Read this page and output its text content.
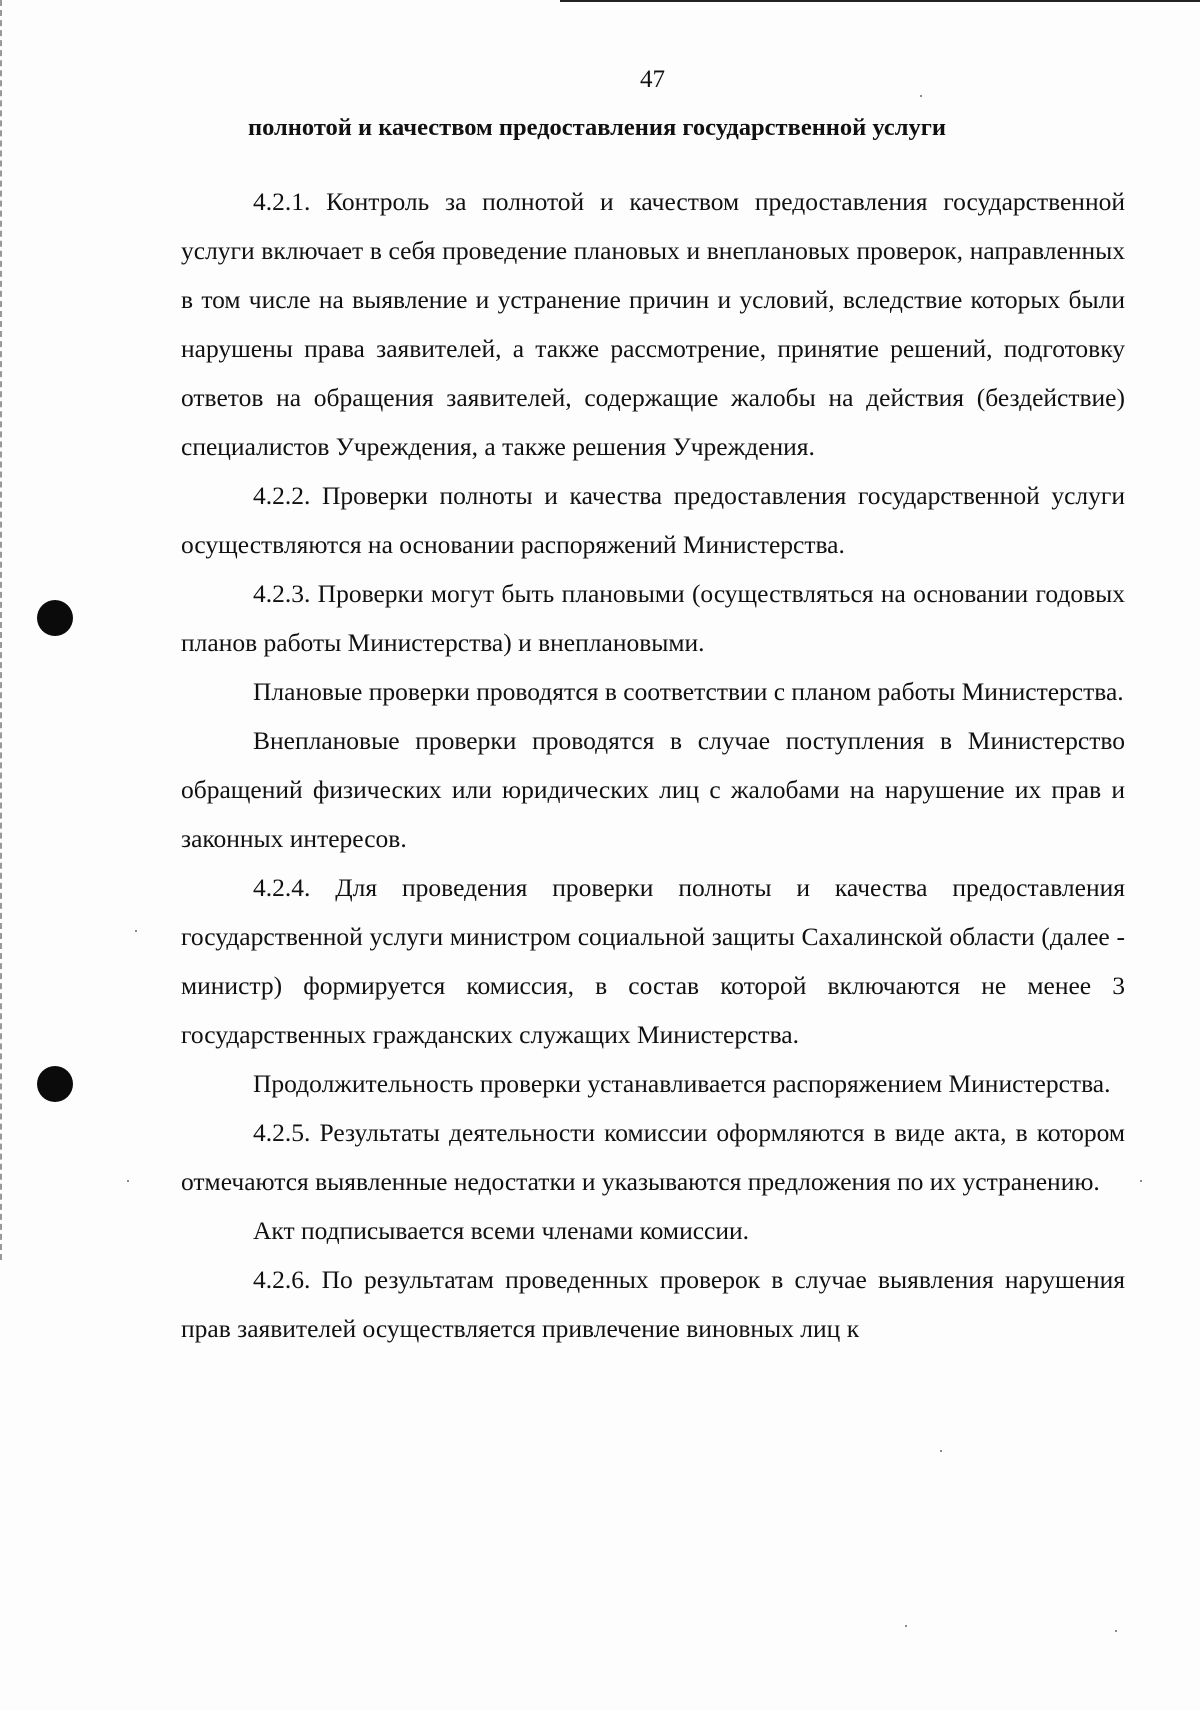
47
полнотой и качеством предоставления государственной услуги

4.2.1. Контроль за полнотой и качеством предоставления государственной услуги включает в себя проведение плановых и внеплановых проверок, направленных в том числе на выявление и устранение причин и условий, вследствие которых были нарушены права заявителей, а также рассмотрение, принятие решений, подготовку ответов на обращения заявителей, содержащие жалобы на действия (бездействие) специалистов Учреждения, а также решения Учреждения.

4.2.2. Проверки полноты и качества предоставления государственной услуги осуществляются на основании распоряжений Министерства.

4.2.3. Проверки могут быть плановыми (осуществляться на основании годовых планов работы Министерства) и внеплановыми.

Плановые проверки проводятся в соответствии с планом работы Министерства.

Внеплановые проверки проводятся в случае поступления в Министерство обращений физических или юридических лиц с жалобами на нарушение их прав и законных интересов.

4.2.4. Для проведения проверки полноты и качества предоставления государственной услуги министром социальной защиты Сахалинской области (далее - министр) формируется комиссия, в состав которой включаются не менее 3 государственных гражданских служащих Министерства.

Продолжительность проверки устанавливается распоряжением Министерства.

4.2.5. Результаты деятельности комиссии оформляются в виде акта, в котором отмечаются выявленные недостатки и указываются предложения по их устранению.

Акт подписывается всеми членами комиссии.

4.2.6. По результатам проведенных проверок в случае выявления нарушения прав заявителей осуществляется привлечение виновных лиц к
